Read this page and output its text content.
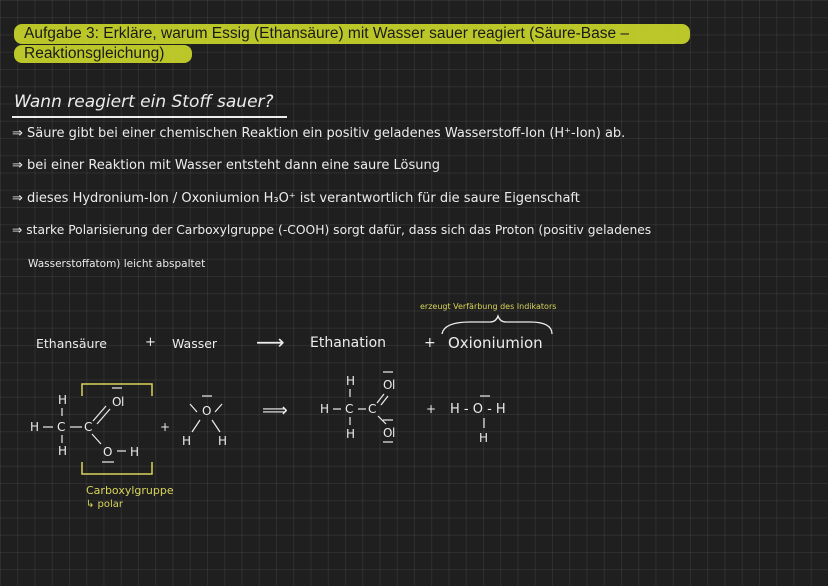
Aufgabe 3: Erkläre, warum Essig (Ethansäure) mit Wasser sauer reagiert (Säure-Base –
Reaktionsgleichung)
Wann reagiert ein Stoff sauer?
⇒ Säure gibt bei einer chemischen Reaktion ein positiv geladenes Wasserstoff-Ion (H⁺-Ion) ab.
⇒ bei einer Reaktion mit Wasser entsteht dann eine saure Lösung
⇒ dieses Hydronium-Ion / Oxoniumion H₃O⁺ ist verantwortlich für die saure Eigenschaft
⇒ starke Polarisierung der Carboxylgruppe (-COOH) sorgt dafür, dass sich das Proton (positiv geladenes
Wasserstoffatom) leicht abspaltet
erzeugt Verfärbung des Indikators
Ethansäure	+ Wasser ⟶ Ethanation	+ Oxioniumion
H
H C C
H
O l
O H
+
O
H H
⟹
H
H C C
H
O l
O l
+ H - O - H
H
Carboxylgruppe
↳ polar
